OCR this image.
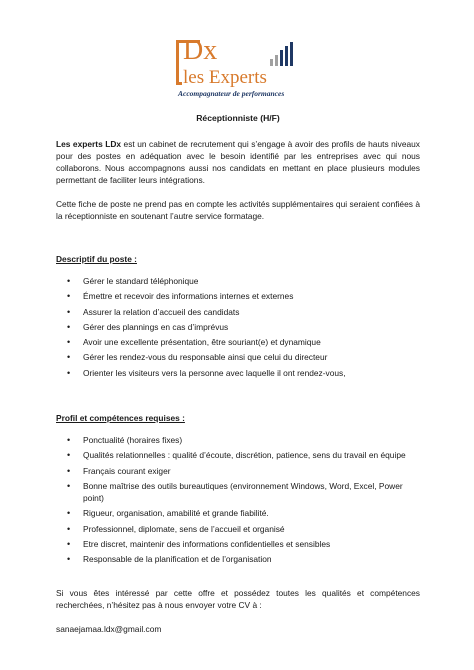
Dx
les Experts
Accompagnateur de performances

Réceptionniste (H/F)

Les experts LDx est un cabinet de recrutement qui s’engage à avoir des profils de hauts niveaux pour des postes en adéquation avec le besoin identifié par les entreprises avec qui nous collaborons. Nous accompagnons aussi nos candidats en mettant en place plusieurs modules permettant de faciliter leurs intégrations.

Cette fiche de poste ne prend pas en compte les activités supplémentaires qui seraient confiées à la réceptionniste en soutenant l’autre service formatage.

Descriptif du poste :

• Gérer le standard téléphonique
• Émettre et recevoir des informations internes et externes
• Assurer la relation d’accueil des candidats
• Gérer des plannings en cas d’imprévus
• Avoir une excellente présentation, être souriant(e) et dynamique
• Gérer les rendez-vous du responsable ainsi que celui du directeur
• Orienter les visiteurs vers la personne avec laquelle il ont rendez-vous,

Profil et compétences requises :

• Ponctualité (horaires fixes)
• Qualités relationnelles : qualité d’écoute, discrétion, patience, sens du travail en équipe
• Français courant exiger
• Bonne maîtrise des outils bureautiques (environnement Windows, Word, Excel, Power point)
• Rigueur, organisation, amabilité et grande fiabilité.
• Professionnel, diplomate, sens de l’accueil et organisé
• Etre discret, maintenir des informations confidentielles et sensibles
• Responsable de la planification et de l’organisation

Si vous êtes intéressé par cette offre et possédez toutes les qualités et compétences recherchées, n’hésitez pas à nous envoyer votre CV à :

sanaejamaa.ldx@gmail.com
